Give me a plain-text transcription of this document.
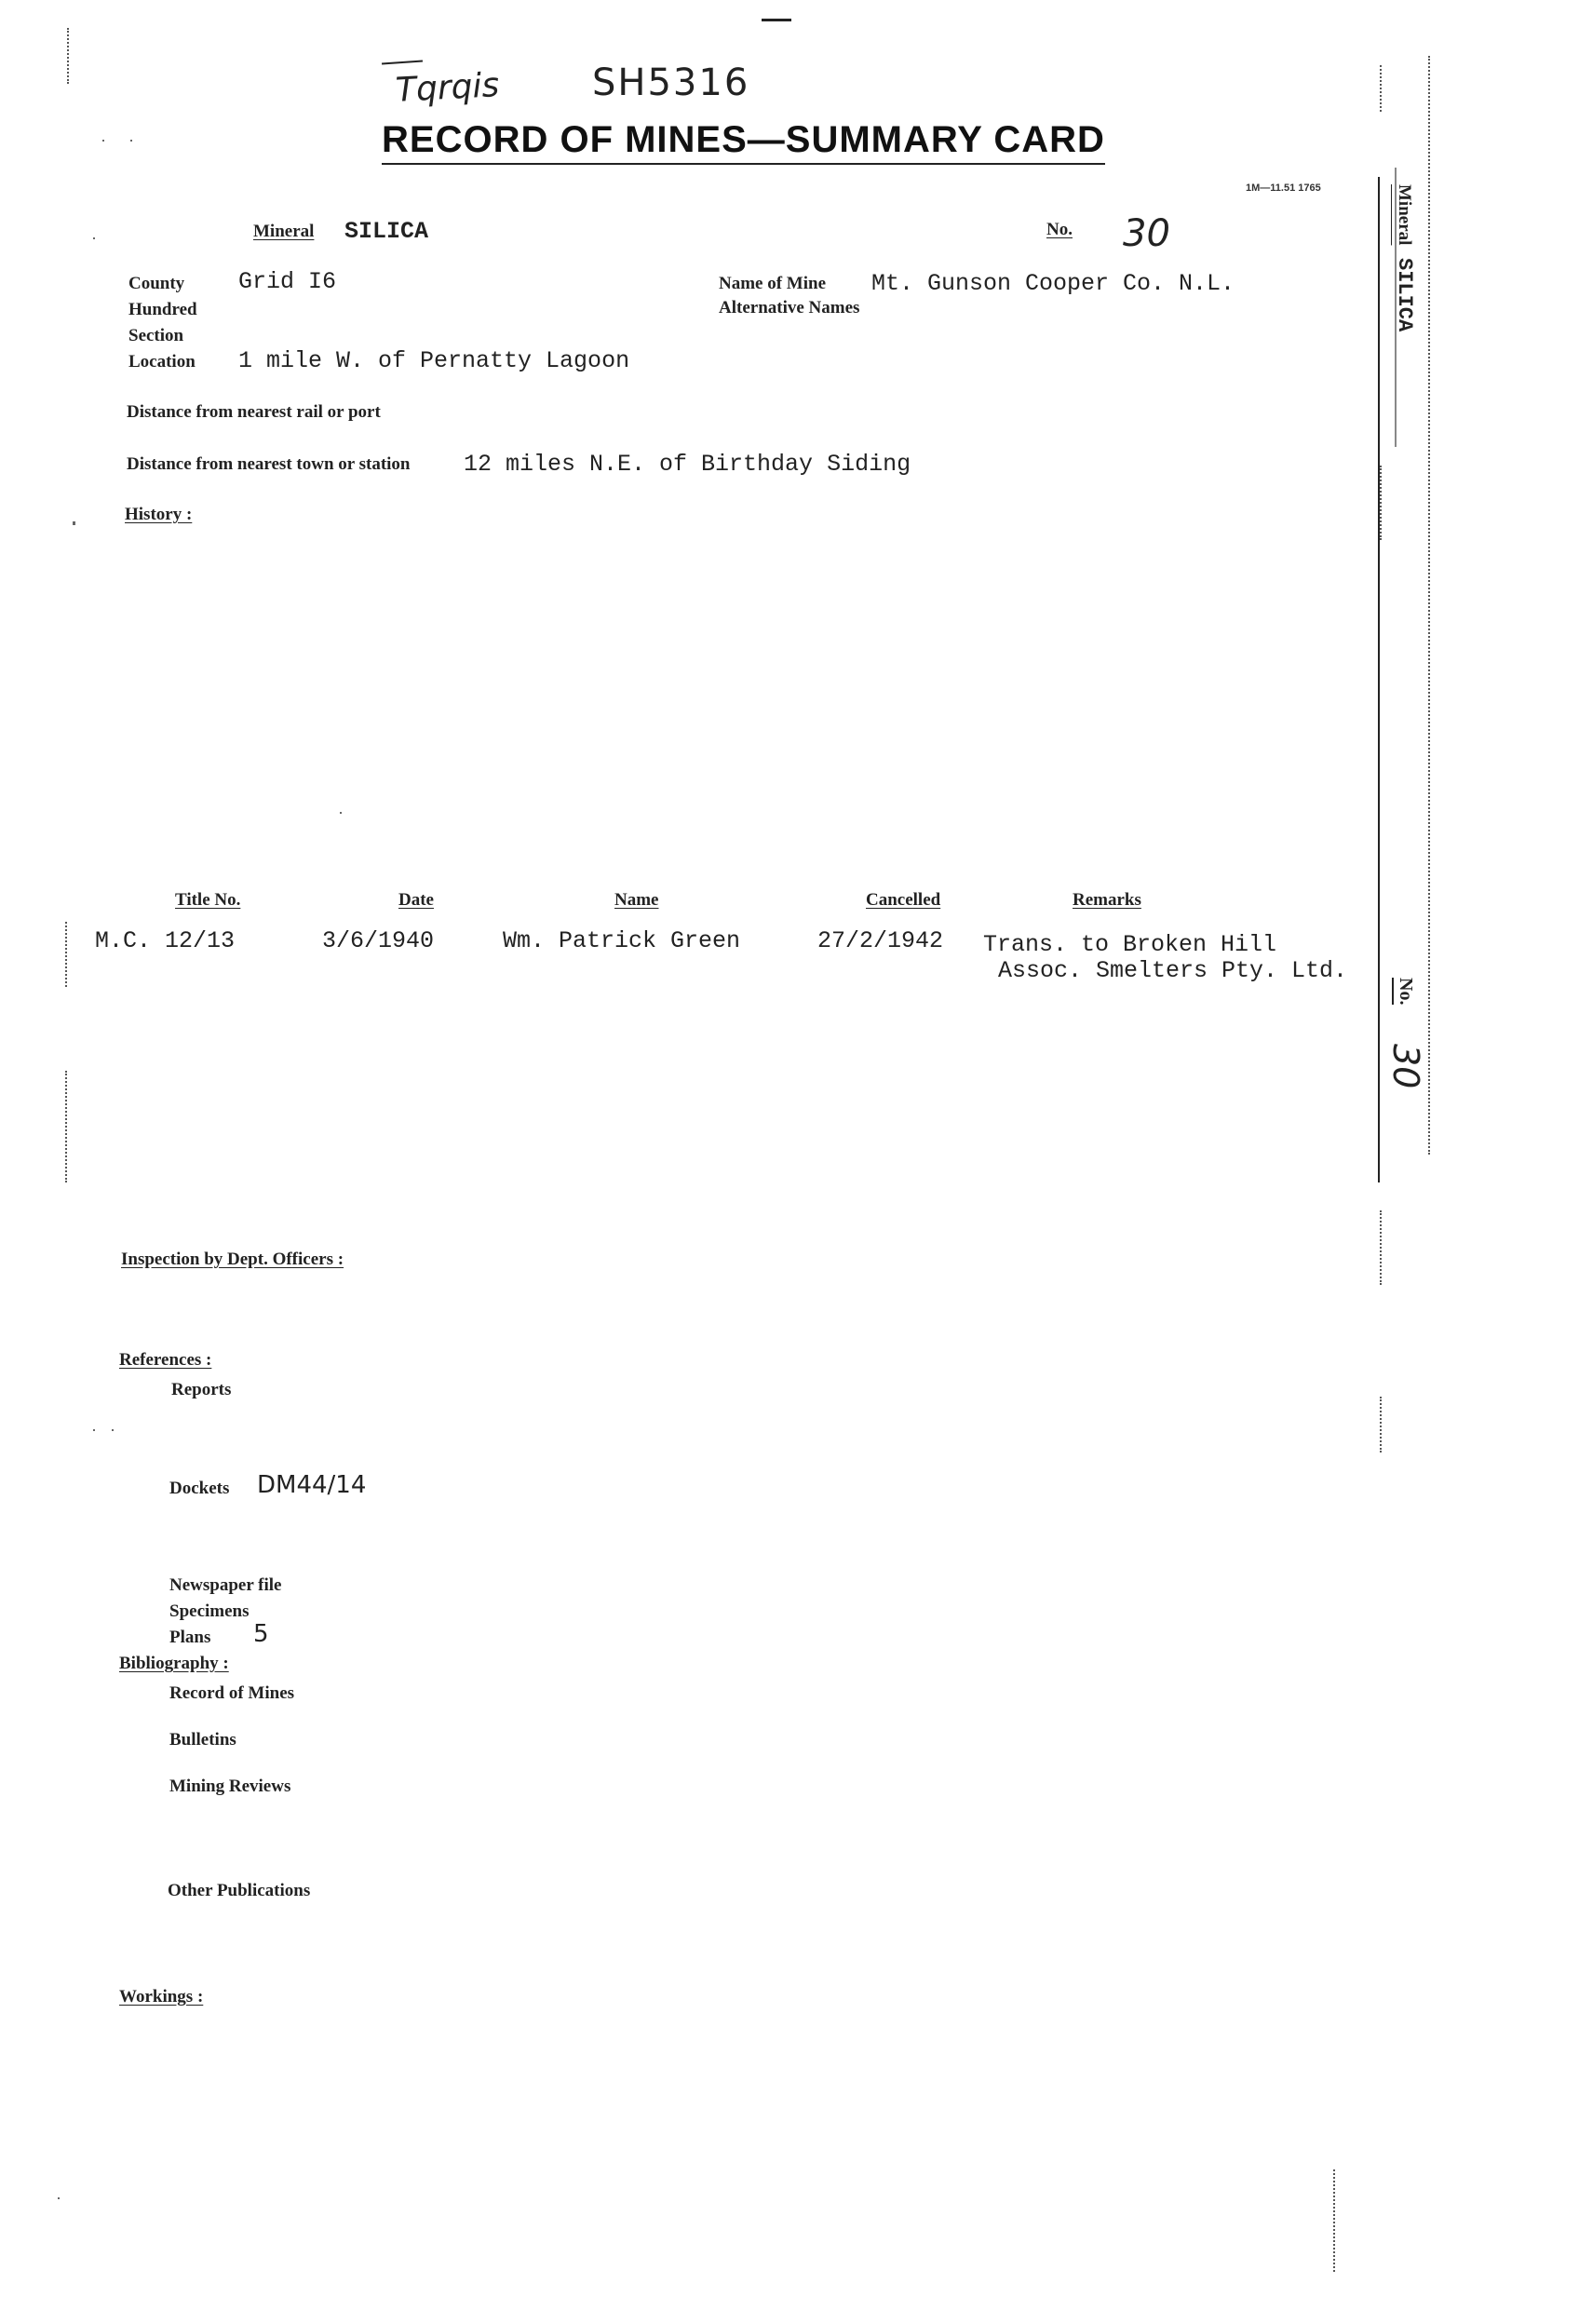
Tqrqis SH5316
RECORD OF MINES—SUMMARY CARD
1M—11.51 1765
Mineral SILICA	No. 30
County Grid I6
Hundred
Section
Location 1 mile W. of Pernatty Lagoon
Name of Mine Mt. Gunson Cooper Co. N.L.
Alternative Names
Distance from nearest rail or port
Distance from nearest town or station 12 miles N.E. of Birthday Siding
History :
Title No.	Date	Name	Cancelled	Remarks
M.C. 12/13	3/6/1940	Wm. Patrick Green	27/2/1942 Trans. to Broken Hill
Assoc. Smelters Pty. Ltd.
Inspection by Dept. Officers :
References :
Reports
Dockets DM44/14
Newspaper file
Specimens
Plans 5
Bibliography :
Record of Mines
Bulletins
Mining Reviews
Other Publications
Workings :
Mineral SILICA
No. 30
